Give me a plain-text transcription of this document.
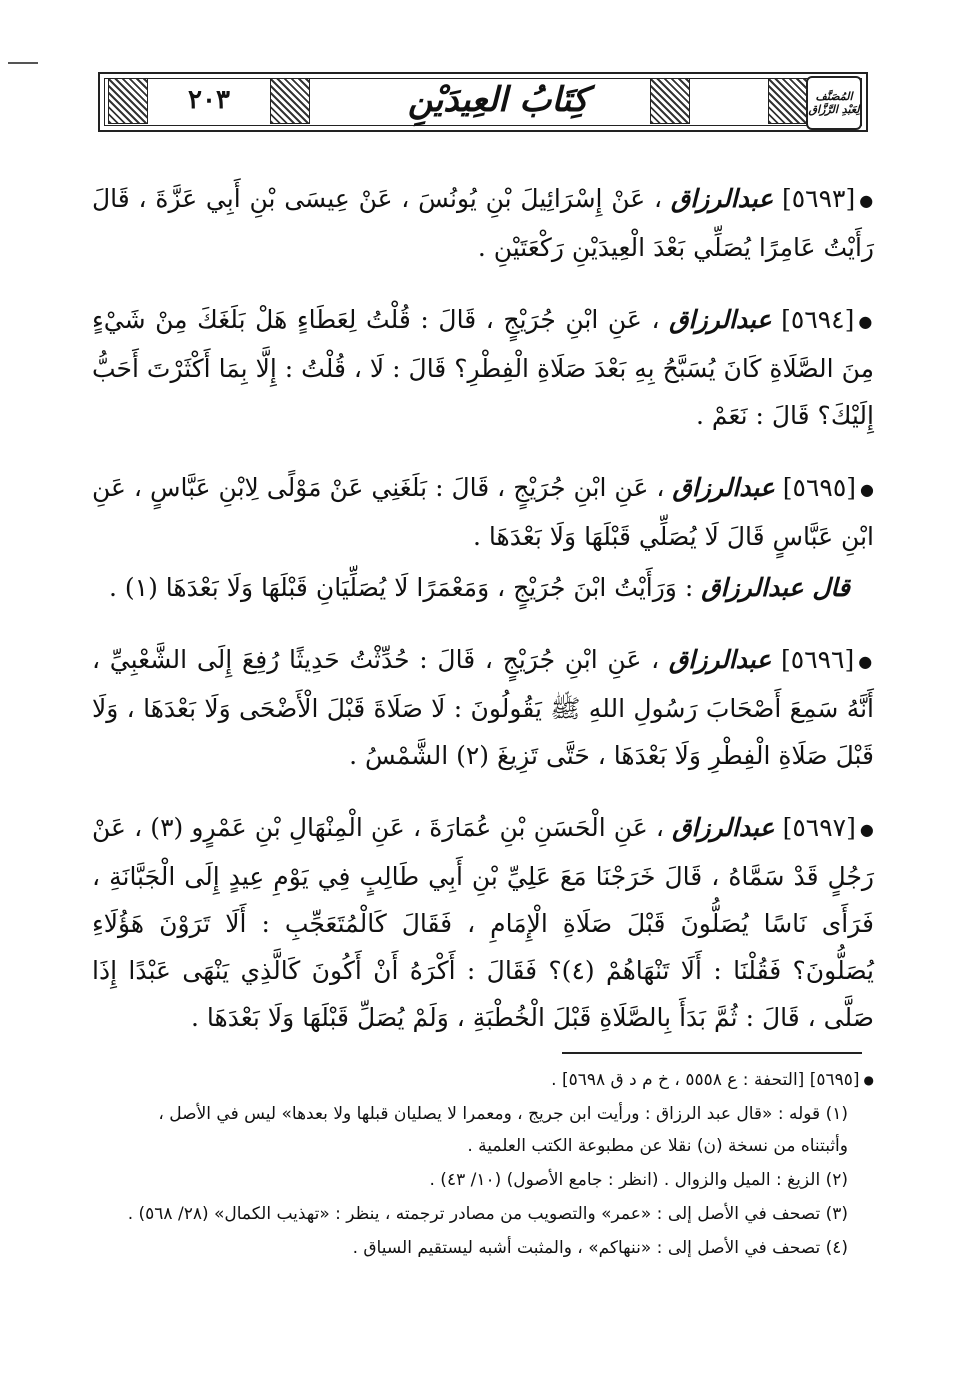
٢٠٣	كِتَابُ العِيدَيْنِ	المُصَنَّف
لِعَبْدِ الرَّزَّاق

●[٥٦٩٣] عبدالرزاق ، عَنْ إِسْرَائِيلَ بْنِ يُونُسَ ، عَنْ عِيسَى بْنِ أَبِي عَزَّةَ ، قَالَ رَأَيْتُ عَامِرًا يُصَلِّي بَعْدَ الْعِيدَيْنِ رَكْعَتَيْنِ .

●[٥٦٩٤] عبدالرزاق ، عَنِ ابْنِ جُرَيْجٍ ، قَالَ : قُلْتُ لِعَطَاءٍ هَلْ بَلَغَكَ مِنْ شَيْءٍ مِنَ الصَّلَاةِ كَانَ يُسَبَّحُ بِهِ بَعْدَ صَلَاةِ الْفِطْرِ؟ قَالَ : لَا ، قُلْتُ : إِلَّا بِمَا أَكْثَرْتَ أَحَبُّ إِلَيْكَ؟ قَالَ : نَعَمْ .

●[٥٦٩٥] عبدالرزاق ، عَنِ ابْنِ جُرَيْجٍ ، قَالَ : بَلَغَنِي عَنْ مَوْلًى لِابْنِ عَبَّاسٍ ، عَنِ ابْنِ عَبَّاسٍ قَالَ لَا يُصَلِّي قَبْلَهَا وَلَا بَعْدَهَا .

قال عبدالرزاق : وَرَأَيْتُ ابْنَ جُرَيْجٍ ، وَمَعْمَرًا لَا يُصَلِّيَانِ قَبْلَهَا وَلَا بَعْدَهَا (١) .

●[٥٦٩٦] عبدالرزاق ، عَنِ ابْنِ جُرَيْجٍ ، قَالَ : حُدِّثْتُ حَدِيثًا رُفِعَ إِلَى الشَّعْبِيِّ ، أَنَّهُ سَمِعَ أَصْحَابَ رَسُولِ اللهِ ﷺ يَقُولُونَ : لَا صَلَاةَ قَبْلَ الْأَضْحَى وَلَا بَعْدَهَا ، وَلَا قَبْلَ صَلَاةِ الْفِطْرِ وَلَا بَعْدَهَا ، حَتَّى تَزِيغَ (٢) الشَّمْسُ .

●[٥٦٩٧] عبدالرزاق ، عَنِ الْحَسَنِ بْنِ عُمَارَةَ ، عَنِ الْمِنْهَالِ بْنِ عَمْرٍو (٣) ، عَنْ رَجُلٍ قَدْ سَمَّاهُ ، قَالَ خَرَجْنَا مَعَ عَلِيِّ بْنِ أَبِي طَالِبٍ فِي يَوْمِ عِيدٍ إِلَى الْجَبَّانَةِ ، فَرَأَى نَاسًا يُصَلُّونَ قَبْلَ صَلَاةِ الْإِمَامِ ، فَقَالَ كَالْمُتَعَجِّبِ : أَلَا تَرَوْنَ هَؤُلَاءِ يُصَلُّونَ؟ فَقُلْنَا : أَلَا تَنْهَاهُمْ (٤)؟ فَقَالَ : أَكْرَهُ أَنْ أَكُونَ كَالَّذِي يَنْهَى عَبْدًا إِذَا صَلَّى ، قَالَ : ثُمَّ بَدَأَ بِالصَّلَاةِ قَبْلَ الْخُطْبَةِ ، وَلَمْ يُصَلِّ قَبْلَهَا وَلَا بَعْدَهَا .

●[٥٦٩٥] [التحفة : ع ٥٥٥٨ ، خ م د ق ٥٦٩٨] .
(١) قوله : «قال عبد الرزاق : ورأيت ابن جريج ، ومعمرا لا يصليان قبلها ولا بعدها» ليس في الأصل ،
وأثبتناه من نسخة (ن) نقلا عن مطبوعة الكتب العلمية .
(٢) الزيغ : الميل والزوال . (انظر : جامع الأصول) (١٠/ ٤٣) .
(٣) تصحف في الأصل إلى : «عمر» والتصويب من مصادر ترجمته ، ينظر : «تهذيب الكمال» (٢٨/ ٥٦٨) .
(٤) تصحف في الأصل إلى : «ننهاكم» ، والمثبت أشبه ليستقيم السياق .
